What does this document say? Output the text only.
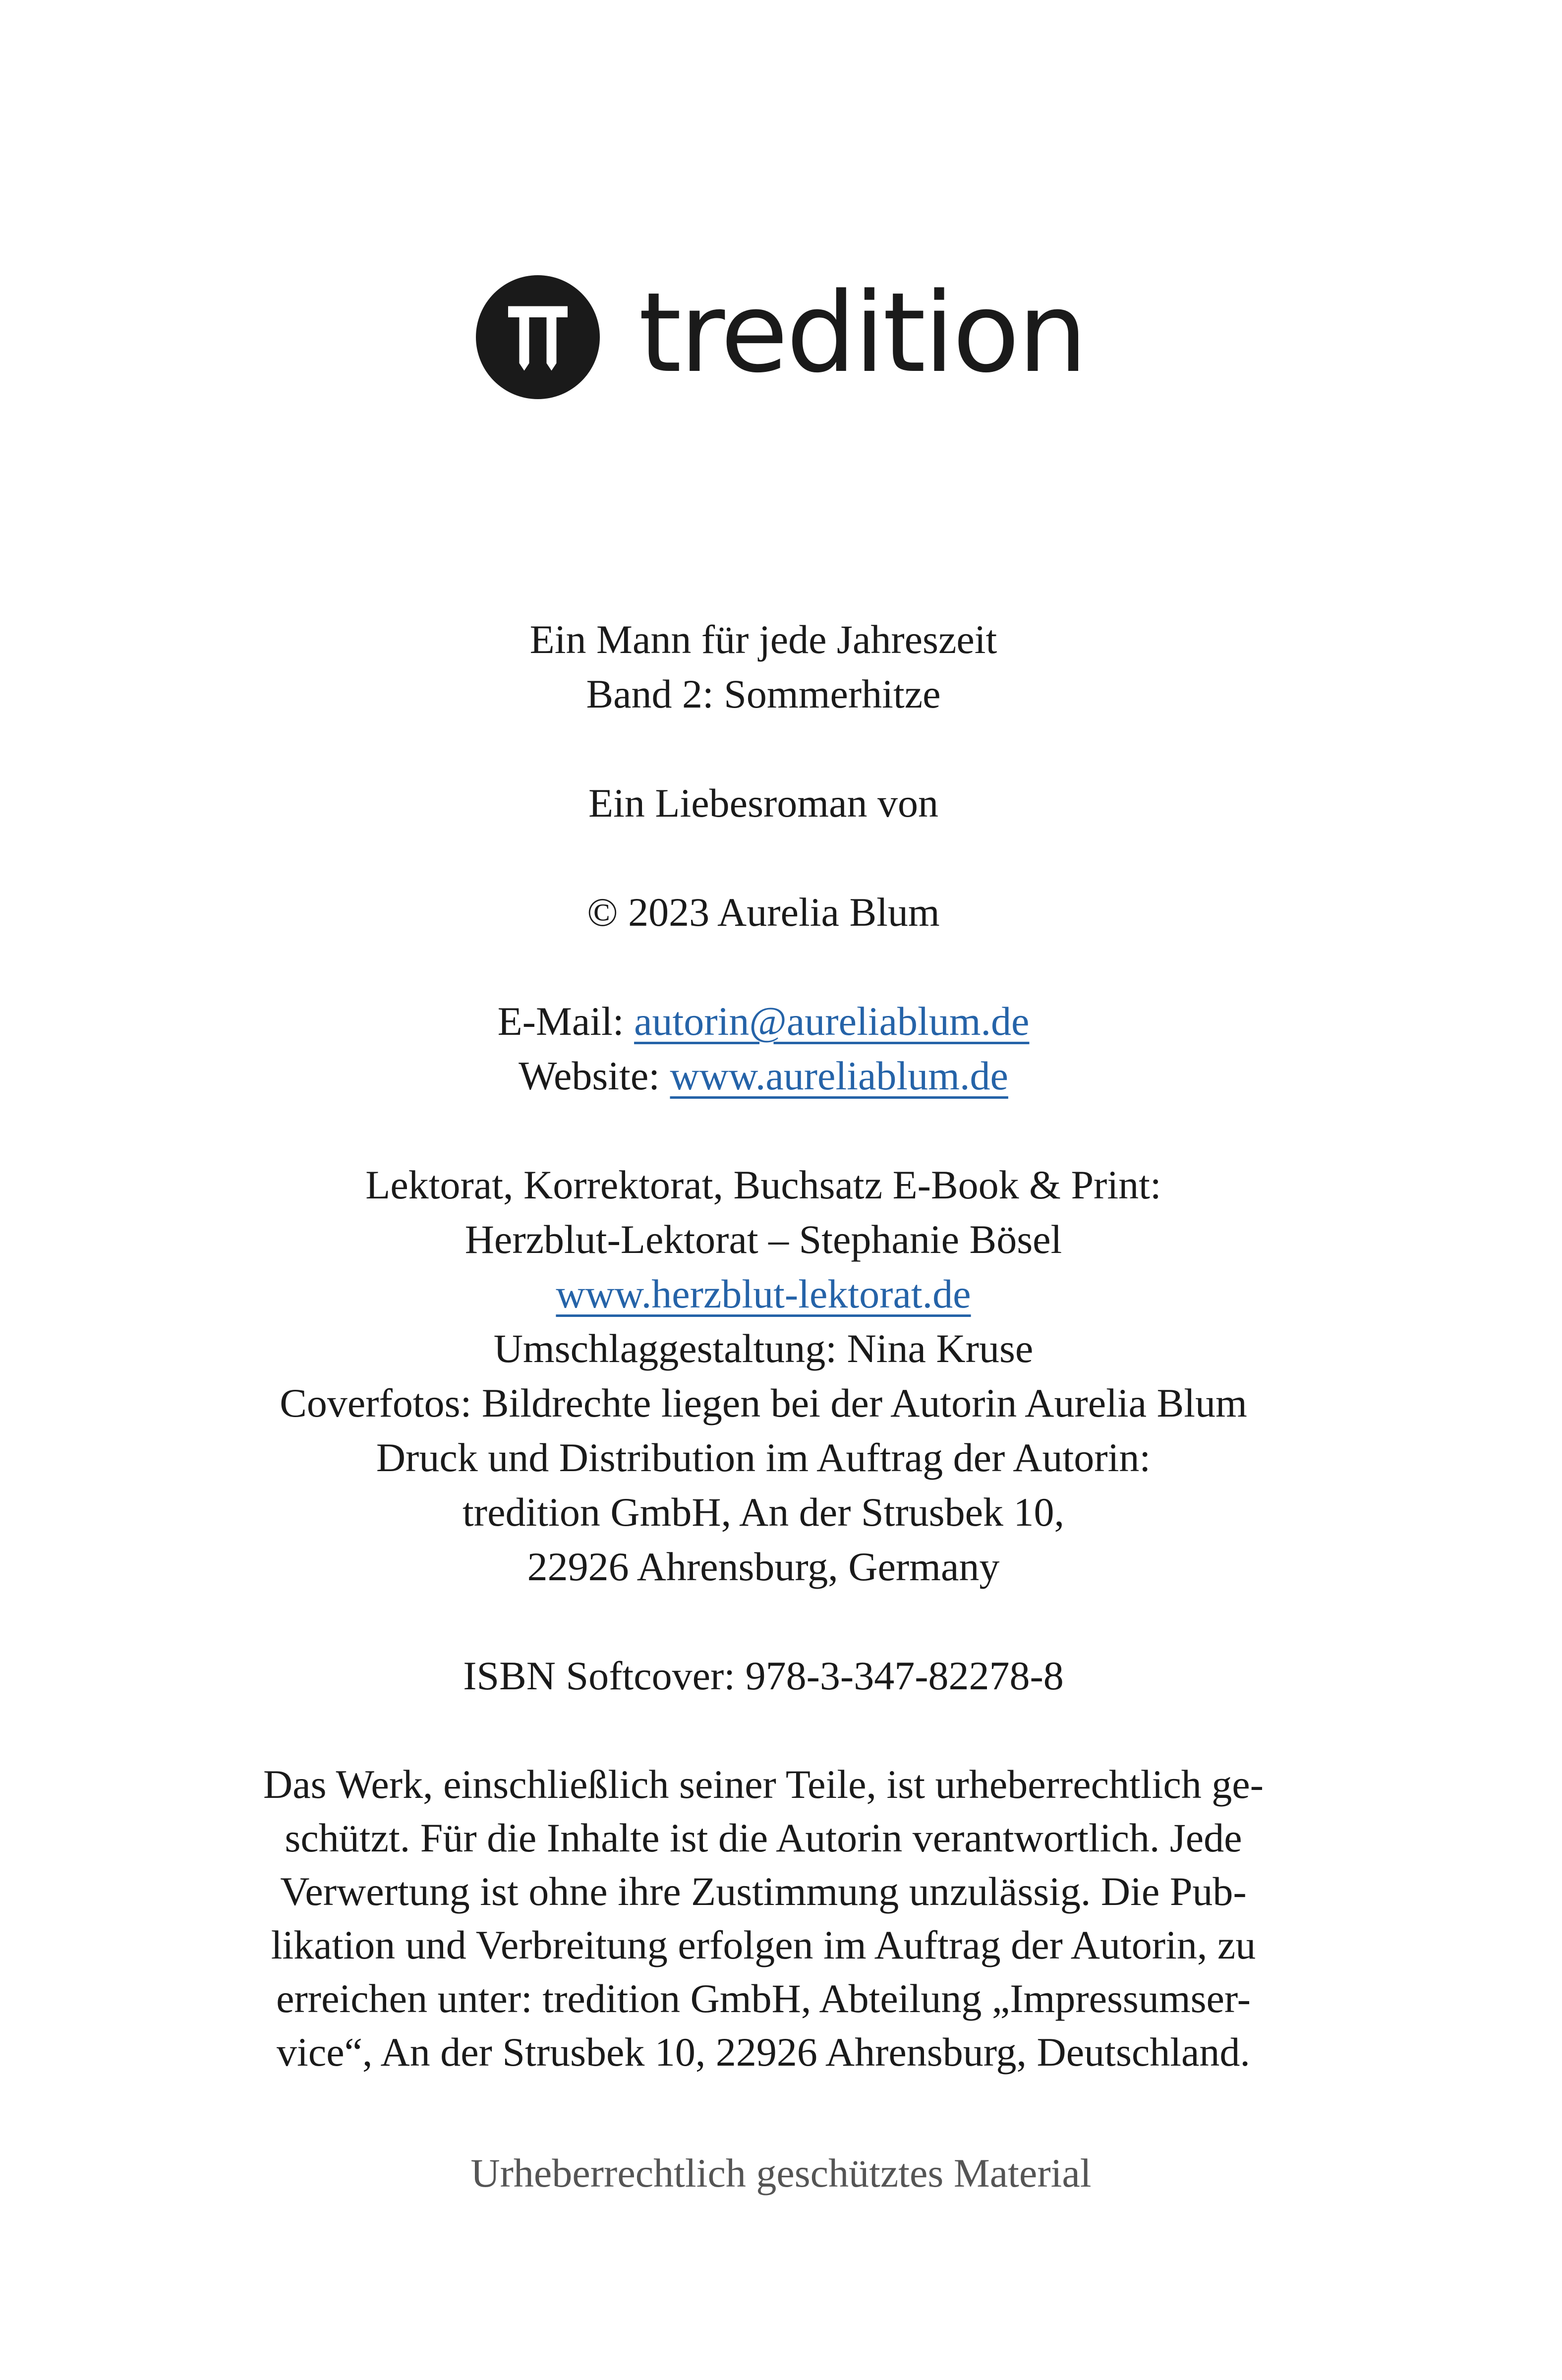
tredition
Ein Mann für jede Jahreszeit
Band 2: Sommerhitze
Ein Liebesroman von
© 2023 Aurelia Blum
E-Mail: autorin@aureliablum.de
Website: www.aureliablum.de
Lektorat, Korrektorat, Buchsatz E-Book & Print:
Herzblut-Lektorat – Stephanie Bösel
www.herzblut-lektorat.de
Umschlaggestaltung: Nina Kruse
Coverfotos: Bildrechte liegen bei der Autorin Aurelia Blum
Druck und Distribution im Auftrag der Autorin:
tredition GmbH, An der Strusbek 10,
22926 Ahrensburg, Germany
ISBN Softcover: 978-3-347-82278-8
Das Werk, einschließlich seiner Teile, ist urheberrechtlich ge-
schützt. Für die Inhalte ist die Autorin verantwortlich. Jede
Verwertung ist ohne ihre Zustimmung unzulässig. Die Pub-
likation und Verbreitung erfolgen im Auftrag der Autorin, zu
erreichen unter: tredition GmbH, Abteilung „Impressumser-
vice“, An der Strusbek 10, 22926 Ahrensburg, Deutschland.
Urheberrechtlich geschütztes Material
